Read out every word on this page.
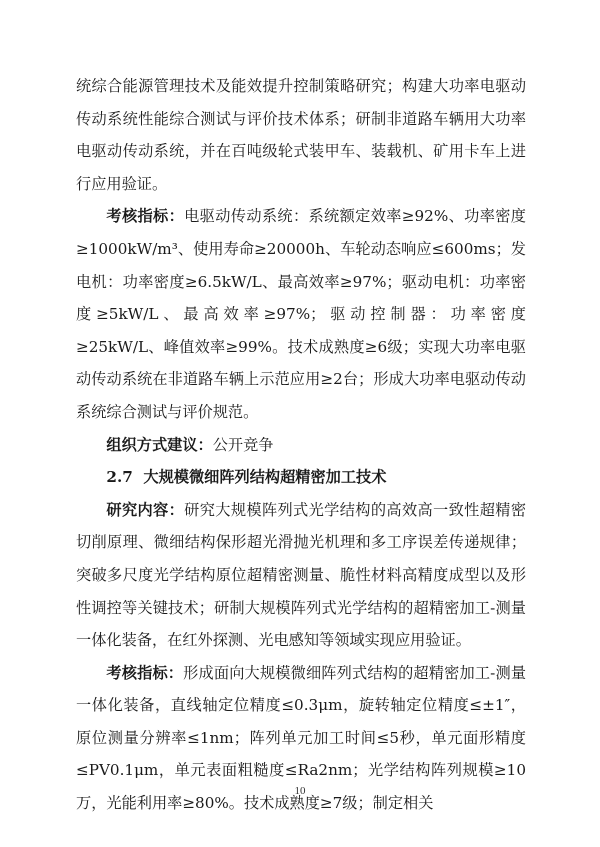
统综合能源管理技术及能效提升控制策略研究；构建大功率电驱动传动系统性能综合测试与评价技术体系；研制非道路车辆用大功率电驱动传动系统，并在百吨级轮式装甲车、装载机、矿用卡车上进行应用验证。

考核指标：电驱动传动系统：系统额定效率≥92%、功率密度≥1000kW/m³、使用寿命≥20000h、车轮动态响应≤600ms；发电机：功率密度≥6.5kW/L、最高效率≥97%；驱动电机：功率密度≥5kW/L、最高效率≥97%；驱动控制器：功率密度≥25kW/L、峰值效率≥99%。技术成熟度≥6级；实现大功率电驱动传动系统在非道路车辆上示范应用≥2台；形成大功率电驱动传动系统综合测试与评价规范。

组织方式建议：公开竞争

2.7 大规模微细阵列结构超精密加工技术

研究内容：研究大规模阵列式光学结构的高效高一致性超精密切削原理、微细结构保形超光滑抛光机理和多工序误差传递规律；突破多尺度光学结构原位超精密测量、脆性材料高精度成型以及形性调控等关键技术；研制大规模阵列式光学结构的超精密加工-测量一体化装备，在红外探测、光电感知等领域实现应用验证。

考核指标：形成面向大规模微细阵列式结构的超精密加工-测量一体化装备，直线轴定位精度≤0.3μm，旋转轴定位精度≤±1″，原位测量分辨率≤1nm；阵列单元加工时间≤5秒，单元面形精度≤PV0.1μm，单元表面粗糙度≤Ra2nm；光学结构阵列规模≥10万，光能利用率≥80%。技术成熟度≥7级；制定相关

10
